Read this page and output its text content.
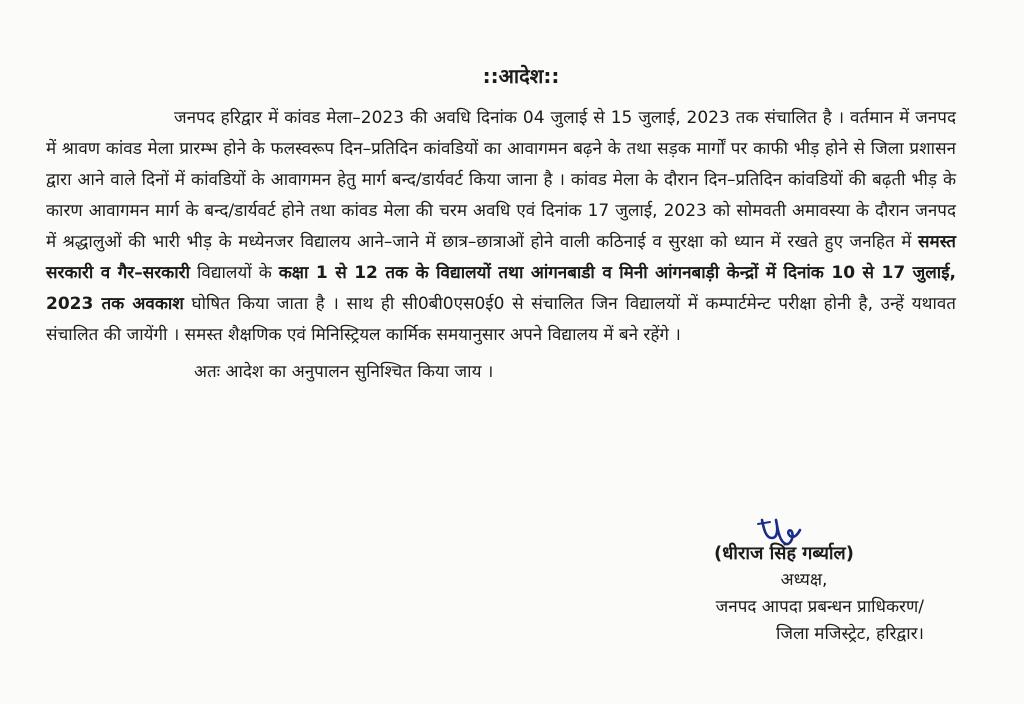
::आदेश::

जनपद हरिद्वार में कांवड मेला–2023 की अवधि दिनांक 04 जुलाई से 15 जुलाई, 2023 तक संचालित है । वर्तमान में जनपद में श्रावण कांवड मेला प्रारम्भ होने के फलस्वरूप दिन–प्रतिदिन कांवडियों का आवागमन बढ़ने के तथा सड़क मार्गों पर काफी भीड़ होने से जिला प्रशासन द्वारा आने वाले दिनों में कांवडियों के आवागमन हेतु मार्ग बन्द/डार्यवर्ट किया जाना है । कांवड मेला के दौरान दिन–प्रतिदिन कांवडियों की बढ़ती भीड़ के कारण आवागमन मार्ग के बन्द/डार्यवर्ट होने तथा कांवड मेला की चरम अवधि एवं दिनांक 17 जुलाई, 2023 को सोमवती अमावस्या के दौरान जनपद में श्रद्धालुओं की भारी भीड़ के मध्येनजर विद्यालय आने–जाने में छात्र–छात्राओं होने वाली कठिनाई व सुरक्षा को ध्यान में रखते हुए जनहित में समस्त सरकारी व गैर–सरकारी विद्यालयों के कक्षा 1 से 12 तक के विद्यालयों तथा आंगनबाडी व मिनी आंगनबाड़ी केन्द्रों में दिनांक 10 से 17 जुलाई, 2023 तक अवकाश घोषित किया जाता है । साथ ही सी0बी0एस0ई0 से संचालित जिन विद्यालयों में कम्पार्टमेन्ट परीक्षा होनी है, उन्हें यथावत संचालित की जायेंगी । समस्त शैक्षणिक एवं मिनिस्ट्रियल कार्मिक समयानुसार अपने विद्यालय में बने रहेंगे ।

अतः आदेश का अनुपालन सुनिश्चित किया जाय ।
(धीराज सिंह गर्ब्याल)
अध्यक्ष,
जनपद आपदा प्रबन्धन प्राधिकरण/
जिला मजिस्ट्रेट, हरिद्वार।
